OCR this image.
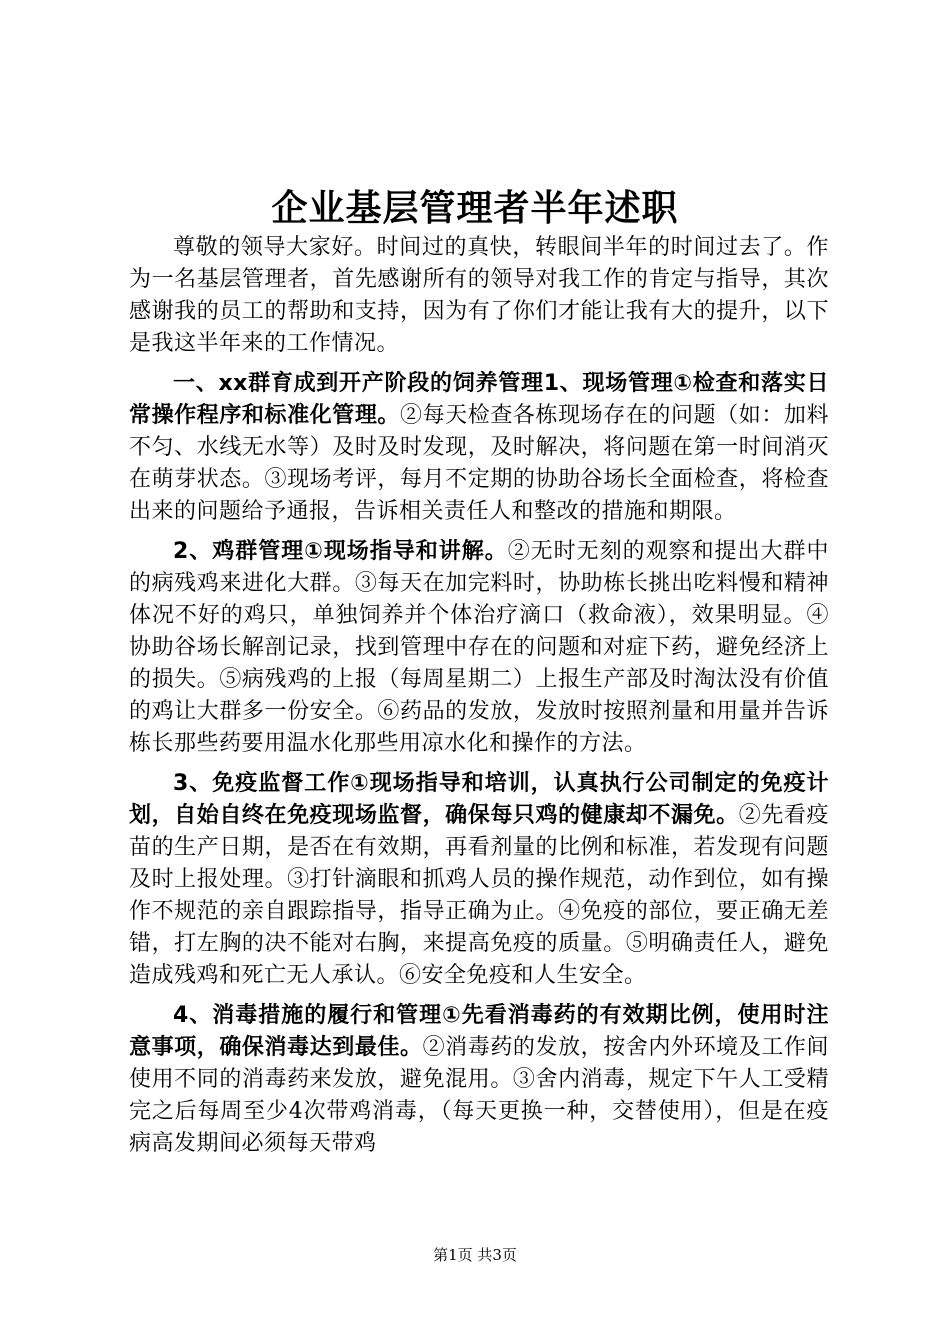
企业基层管理者半年述职

尊敬的领导大家好。时间过的真快，转眼间半年的时间过去了。作为一名基层管理者，首先感谢所有的领导对我工作的肯定与指导，其次感谢我的员工的帮助和支持，因为有了你们才能让我有大的提升，以下是我这半年来的工作情况。

一、xx群育成到开产阶段的饲养管理1、现场管理①检查和落实日常操作程序和标准化管理。②每天检查各栋现场存在的问题（如：加料不匀、水线无水等）及时及时发现，及时解决，将问题在第一时间消灭在萌芽状态。③现场考评，每月不定期的协助谷场长全面检查，将检查出来的问题给予通报，告诉相关责任人和整改的措施和期限。

2、鸡群管理①现场指导和讲解。②无时无刻的观察和提出大群中的病残鸡来进化大群。③每天在加完料时，协助栋长挑出吃料慢和精神体况不好的鸡只，单独饲养并个体治疗滴口（救命液），效果明显。④协助谷场长解剖记录，找到管理中存在的问题和对症下药，避免经济上的损失。⑤病残鸡的上报（每周星期二）上报生产部及时淘汰没有价值的鸡让大群多一份安全。⑥药品的发放，发放时按照剂量和用量并告诉栋长那些药要用温水化那些用凉水化和操作的方法。

3、免疫监督工作①现场指导和培训，认真执行公司制定的免疫计划，自始自终在免疫现场监督，确保每只鸡的健康却不漏免。②先看疫苗的生产日期，是否在有效期，再看剂量的比例和标准，若发现有问题及时上报处理。③打针滴眼和抓鸡人员的操作规范，动作到位，如有操作不规范的亲自跟踪指导，指导正确为止。④免疫的部位，要正确无差错，打左胸的决不能对右胸，来提高免疫的质量。⑤明确责任人，避免造成残鸡和死亡无人承认。⑥安全免疫和人生安全。

4、消毒措施的履行和管理①先看消毒药的有效期比例，使用时注意事项，确保消毒达到最佳。②消毒药的发放，按舍内外环境及工作间使用不同的消毒药来发放，避免混用。③舍内消毒，规定下午人工受精完之后每周至少4次带鸡消毒，（每天更换一种，交替使用），但是在疫病高发期间必须每天带鸡

第1页 共3页
